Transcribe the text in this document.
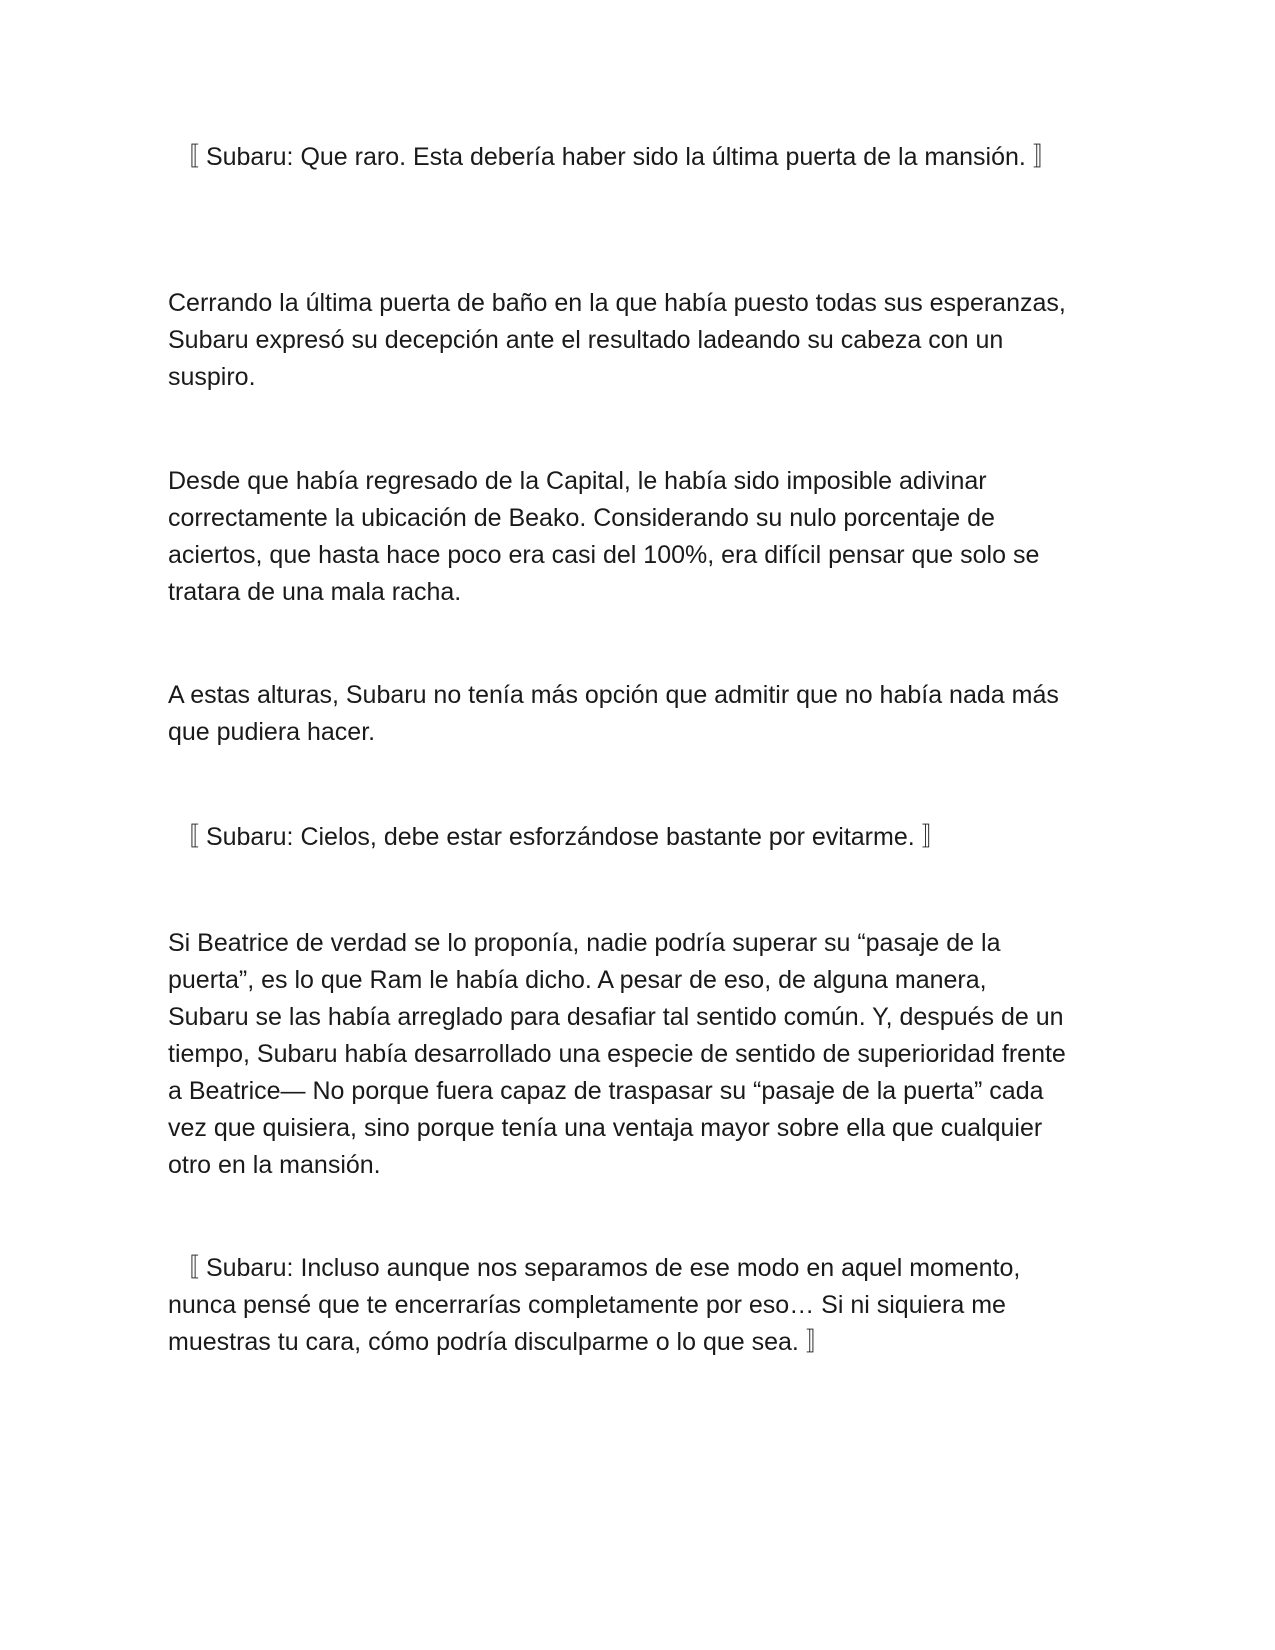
〚 Subaru: Que raro. Esta debería haber sido la última puerta de la mansión. 〛

Cerrando la última puerta de baño en la que había puesto todas sus esperanzas, Subaru expresó su decepción ante el resultado ladeando su cabeza con un suspiro.

Desde que había regresado de la Capital, le había sido imposible adivinar correctamente la ubicación de Beako. Considerando su nulo porcentaje de aciertos, que hasta hace poco era casi del 100%, era difícil pensar que solo se tratara de una mala racha.

A estas alturas, Subaru no tenía más opción que admitir que no había nada más que pudiera hacer.

〚 Subaru: Cielos, debe estar esforzándose bastante por evitarme. 〛

Si Beatrice de verdad se lo proponía, nadie podría superar su “pasaje de la puerta”, es lo que Ram le había dicho. A pesar de eso, de alguna manera, Subaru se las había arreglado para desafiar tal sentido común. Y, después de un tiempo, Subaru había desarrollado una especie de sentido de superioridad frente a Beatrice— No porque fuera capaz de traspasar su “pasaje de la puerta” cada vez que quisiera, sino porque tenía una ventaja mayor sobre ella que cualquier otro en la mansión.

〚 Subaru: Incluso aunque nos separamos de ese modo en aquel momento, nunca pensé que te encerrarías completamente por eso… Si ni siquiera me muestras tu cara, cómo podría disculparme o lo que sea. 〛
